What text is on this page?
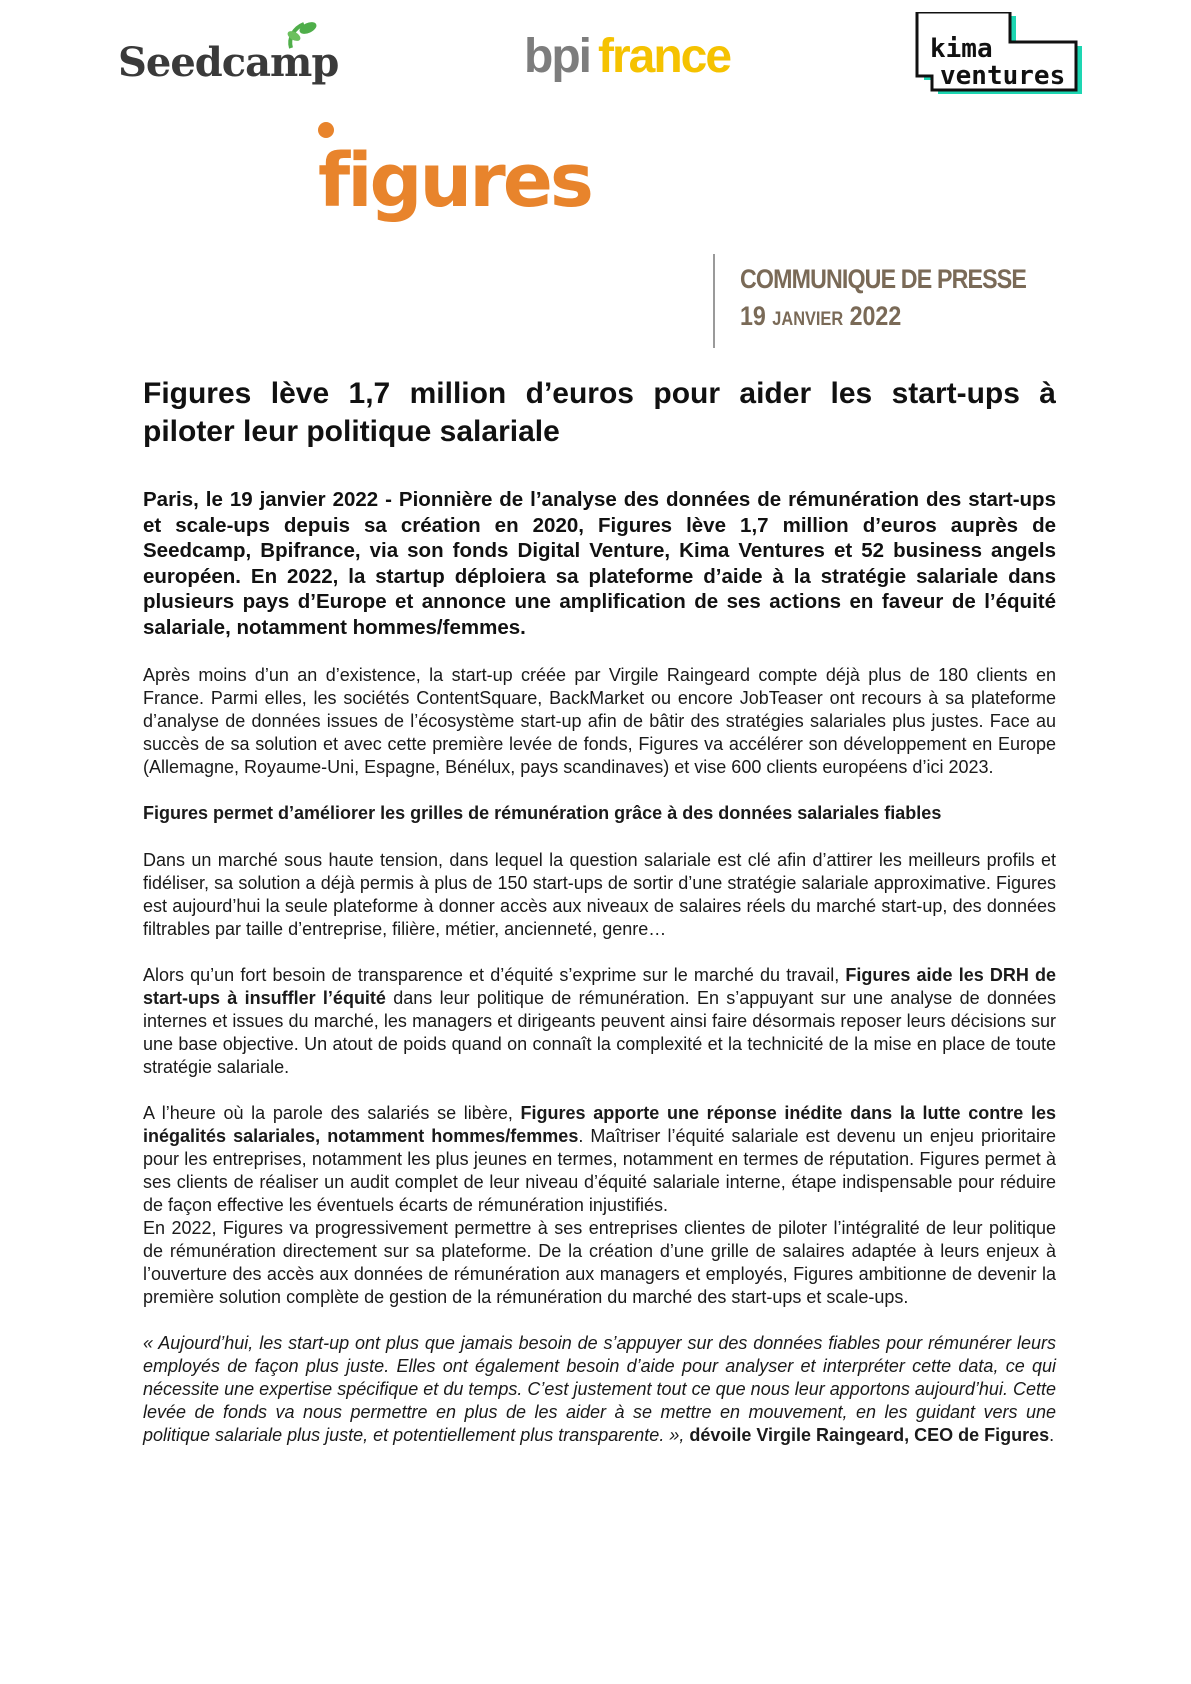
Seedcamp	bpi france	kima
ventures
figures
COMMUNIQUE DE PRESSE
19 JANVIER 2022
Figures lève 1,7 million d’euros pour aider les start-ups à piloter leur politique salariale
Paris, le 19 janvier 2022 - Pionnière de l’analyse des données de rémunération des start-ups et scale-ups depuis sa création en 2020, Figures lève 1,7 million d’euros auprès de Seedcamp, Bpifrance, via son fonds Digital Venture, Kima Ventures et 52 business angels européen. En 2022, la startup déploiera sa plateforme d’aide à la stratégie salariale dans plusieurs pays d’Europe et annonce une amplification de ses actions en faveur de l’équité salariale, notamment hommes/femmes.

Après moins d’un an d’existence, la start-up créée par Virgile Raingeard compte déjà plus de 180 clients en France. Parmi elles, les sociétés ContentSquare, BackMarket ou encore JobTeaser ont recours à sa plateforme d’analyse de données issues de l’écosystème start-up afin de bâtir des stratégies salariales plus justes. Face au succès de sa solution et avec cette première levée de fonds, Figures va accélérer son développement en Europe (Allemagne, Royaume-Uni, Espagne, Bénélux, pays scandinaves) et vise 600 clients européens d’ici 2023.

Figures permet d’améliorer les grilles de rémunération grâce à des données salariales fiables

Dans un marché sous haute tension, dans lequel la question salariale est clé afin d’attirer les meilleurs profils et fidéliser, sa solution a déjà permis à plus de 150 start-ups de sortir d’une stratégie salariale approximative. Figures est aujourd’hui la seule plateforme à donner accès aux niveaux de salaires réels du marché start-up, des données filtrables par taille d’entreprise, filière, métier, ancienneté, genre…

Alors qu’un fort besoin de transparence et d’équité s’exprime sur le marché du travail, Figures aide les DRH de start-ups à insuffler l’équité dans leur politique de rémunération. En s’appuyant sur une analyse de données internes et issues du marché, les managers et dirigeants peuvent ainsi faire désormais reposer leurs décisions sur une base objective. Un atout de poids quand on connaît la complexité et la technicité de la mise en place de toute stratégie salariale.

A l’heure où la parole des salariés se libère, Figures apporte une réponse inédite dans la lutte contre les inégalités salariales, notamment hommes/femmes. Maîtriser l’équité salariale est devenu un enjeu prioritaire pour les entreprises, notamment les plus jeunes en termes, notamment en termes de réputation. Figures permet à ses clients de réaliser un audit complet de leur niveau d’équité salariale interne, étape indispensable pour réduire de façon effective les éventuels écarts de rémunération injustifiés.

En 2022, Figures va progressivement permettre à ses entreprises clientes de piloter l’intégralité de leur politique de rémunération directement sur sa plateforme. De la création d’une grille de salaires adaptée à leurs enjeux à l’ouverture des accès aux données de rémunération aux managers et employés, Figures ambitionne de devenir la première solution complète de gestion de la rémunération du marché des start-ups et scale-ups.

« Aujourd’hui, les start-up ont plus que jamais besoin de s’appuyer sur des données fiables pour rémunérer leurs employés de façon plus juste. Elles ont également besoin d’aide pour analyser et interpréter cette data, ce qui nécessite une expertise spécifique et du temps. C’est justement tout ce que nous leur apportons aujourd’hui. Cette levée de fonds va nous permettre en plus de les aider à se mettre en mouvement, en les guidant vers une politique salariale plus juste, et potentiellement plus transparente. », dévoile Virgile Raingeard, CEO de Figures.
